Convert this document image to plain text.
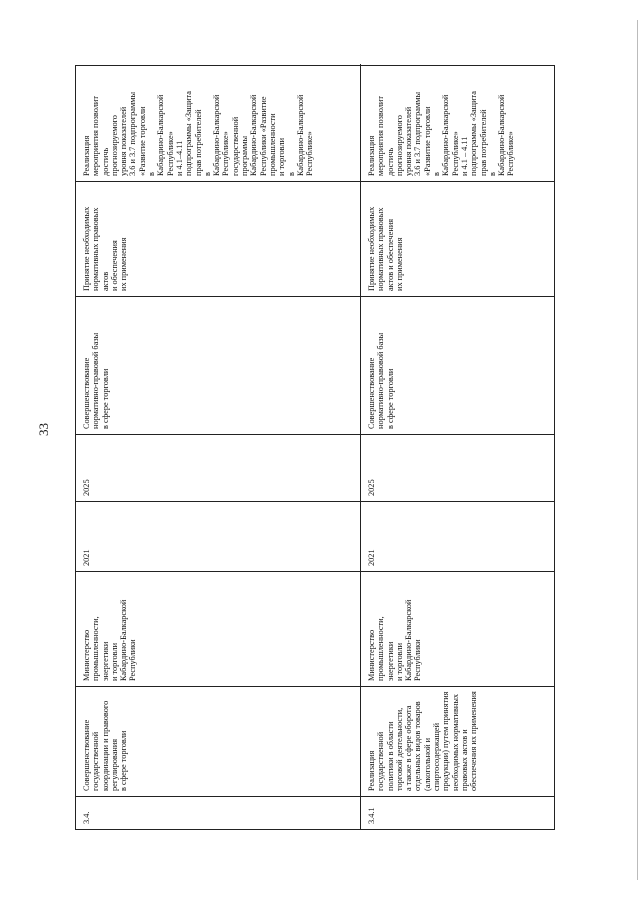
33
3.4.
Совершенствование
государственной
координации и правового
регулирования
в сфере торговли
Министерство
промышленности,
энергетики
и торговли
Кабардино-Балкарской
Республики
2021
2025
Совершенствование
нормативно-правовой базы
в сфере торговли
Принятие необходимых
нормативных правовых
актов
и обеспечения
их применения
Реализация
мероприятия позволит
достичь
прогнозируемого
уровня показателей
3.6 и 3.7 подпрограммы
«Развитие торговли
в
Кабардино-Балкарской
Республике»
и 4.1–4.11
подпрограммы «Защита
прав потребителей
в
Кабардино-Балкарской
Республике»
государственной
программы
Кабардино-Балкарской
Республики «Развитие
промышленности
и торговли
в
Кабардино-Балкарской
Республике»
3.4.1
Реализация государственной
политики в области
торговой деятельности,
а также в сфере оборота
отдельных видов товаров
(алкогольной и
спиртосодержащей
продукции) путем принятия
необходимых нормативных
правовых актов и
обеспечения их применения
Министерство
промышленности,
энергетики
и торговли
Кабардино-Балкарской
Республики
2021
2025
Совершенствование
нормативно-правовой базы
в сфере торговли
Принятие необходимых
нормативных правовых
актов и обеспечения
их применения
Реализация
мероприятия позволит
достичь
прогнозируемого
уровня показателей
3.6 и 3.7 подпрограммы
«Развитие торговли
в
Кабардино-Балкарской
Республике»
и 4.1 – 4.11
подпрограммы «Защита
прав потребителей
в
Кабардино-Балкарской
Республике»
